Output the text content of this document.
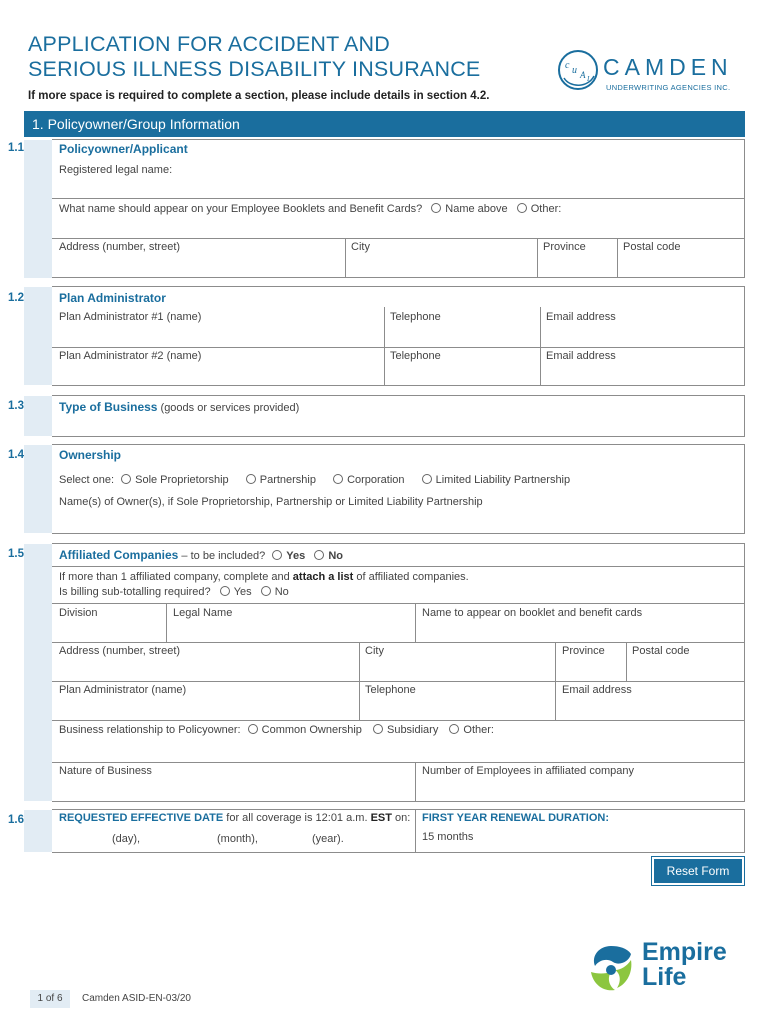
APPLICATION FOR ACCIDENT AND
SERIOUS ILLNESS DISABILITY INSURANCE
If more space is required to complete a section, please include details in section 4.2.
c u A I CAMDEN
UNDERWRITING AGENCIES INC.
1. Policyowner/Group Information
1.1	Policyowner/Applicant
Registered legal name:
What name should appear on your Employee Booklets and Benefit Cards? Name above Other:
Address (number, street)	City	Province	Postal code
1.2	Plan Administrator
Plan Administrator #1 (name)	Telephone	Email address
Plan Administrator #2 (name)	Telephone	Email address
1.3	Type of Business (goods or services provided)
1.4	Ownership
Select one: Sole Proprietorship	Partnership	Corporation	Limited Liability Partnership
Name(s) of Owner(s), if Sole Proprietorship, Partnership or Limited Liability Partnership
1.5	Affiliated Companies – to be included? Yes No
If more than 1 affiliated company, complete and attach a list of affiliated companies.
Is billing sub-totalling required? Yes No
Division	Legal Name	Name to appear on booklet and benefit cards
Address (number, street)	City	Province Postal code
Plan Administrator (name)	Telephone	Email address
Business relationship to Policyowner: Common Ownership Subsidiary Other:
Nature of Business	Number of Employees in affiliated company
1.6	REQUESTED EFFECTIVE DATE for all coverage is 12:01 a.m. EST on:
(day),	(month),	(year).
FIRST YEAR RENEWAL DURATION:
15 months
Reset Form
Empire
Life
1 of 6	Camden ASID-EN-03/20
